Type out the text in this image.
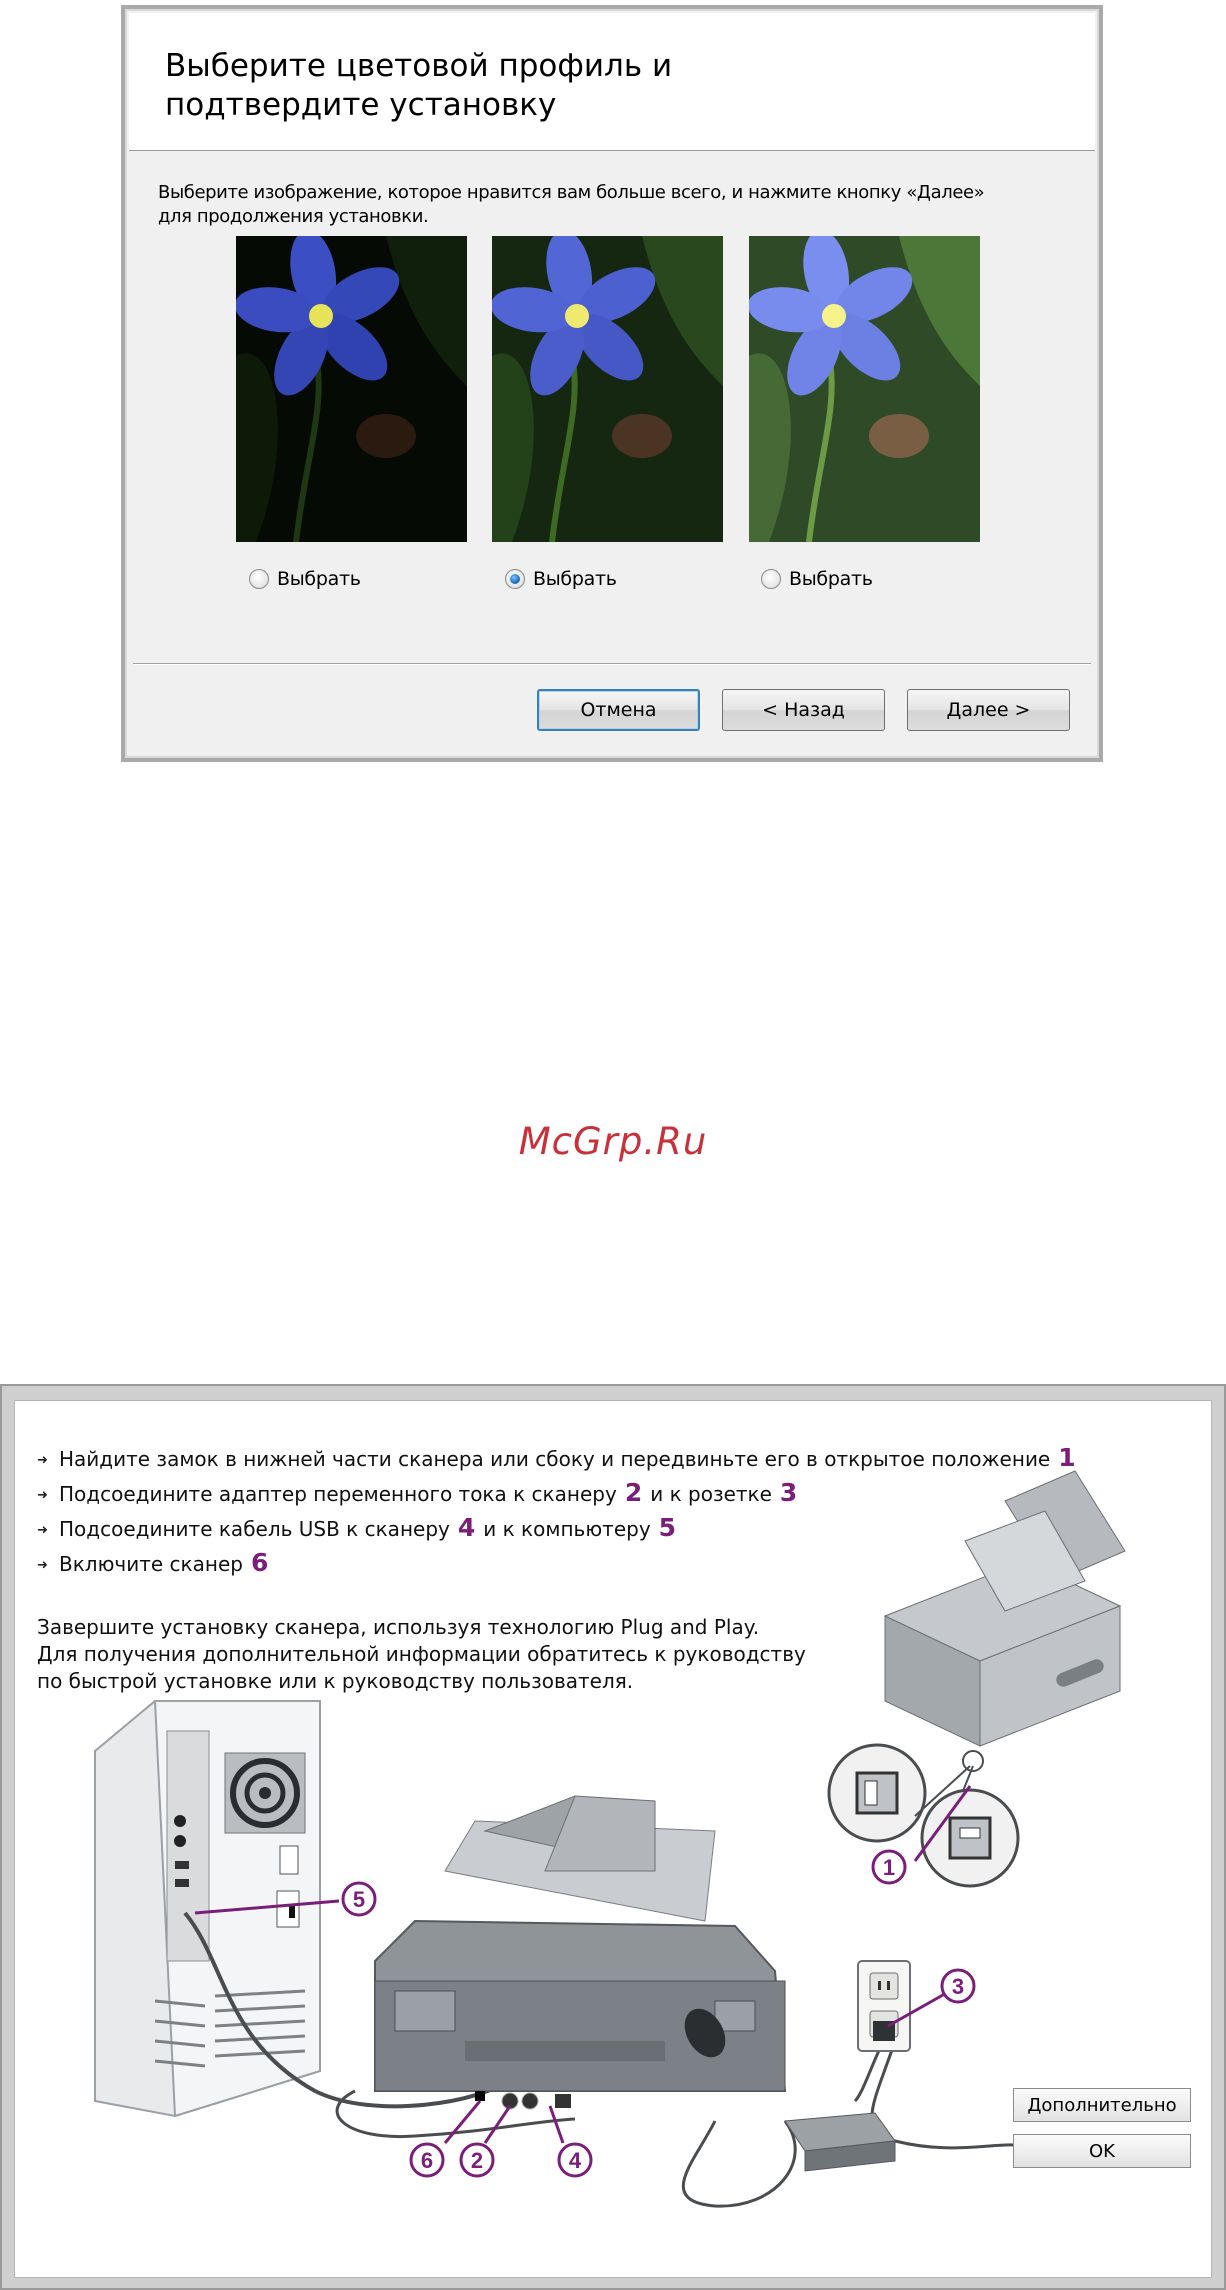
Выберите цветовой профиль и
подтвердите установку
Выберите изображение, которое нравится вам больше всего, и нажмите кнопку «Далее»
для продолжения установки.
Выбрать	Выбрать	Выбрать
Отмена	< Назад	Далее >
McGrp.Ru
5
1
3
6 2	4
➜ Найдите замок в нижней части сканера или сбоку и передвиньте его в открытое положение 1
➜ Подсоедините адаптер переменного тока к сканеру 2 и к розетке 3
➜ Подсоедините кабель USB к сканеру 4 и к компьютеру 5
➜ Включите сканер 6
Завершите установку сканера, используя технологию Plug and Play.
Для получения дополнительной информации обратитесь к руководству
по быстрой установке или к руководству пользователя.
Дополнительно
OK
